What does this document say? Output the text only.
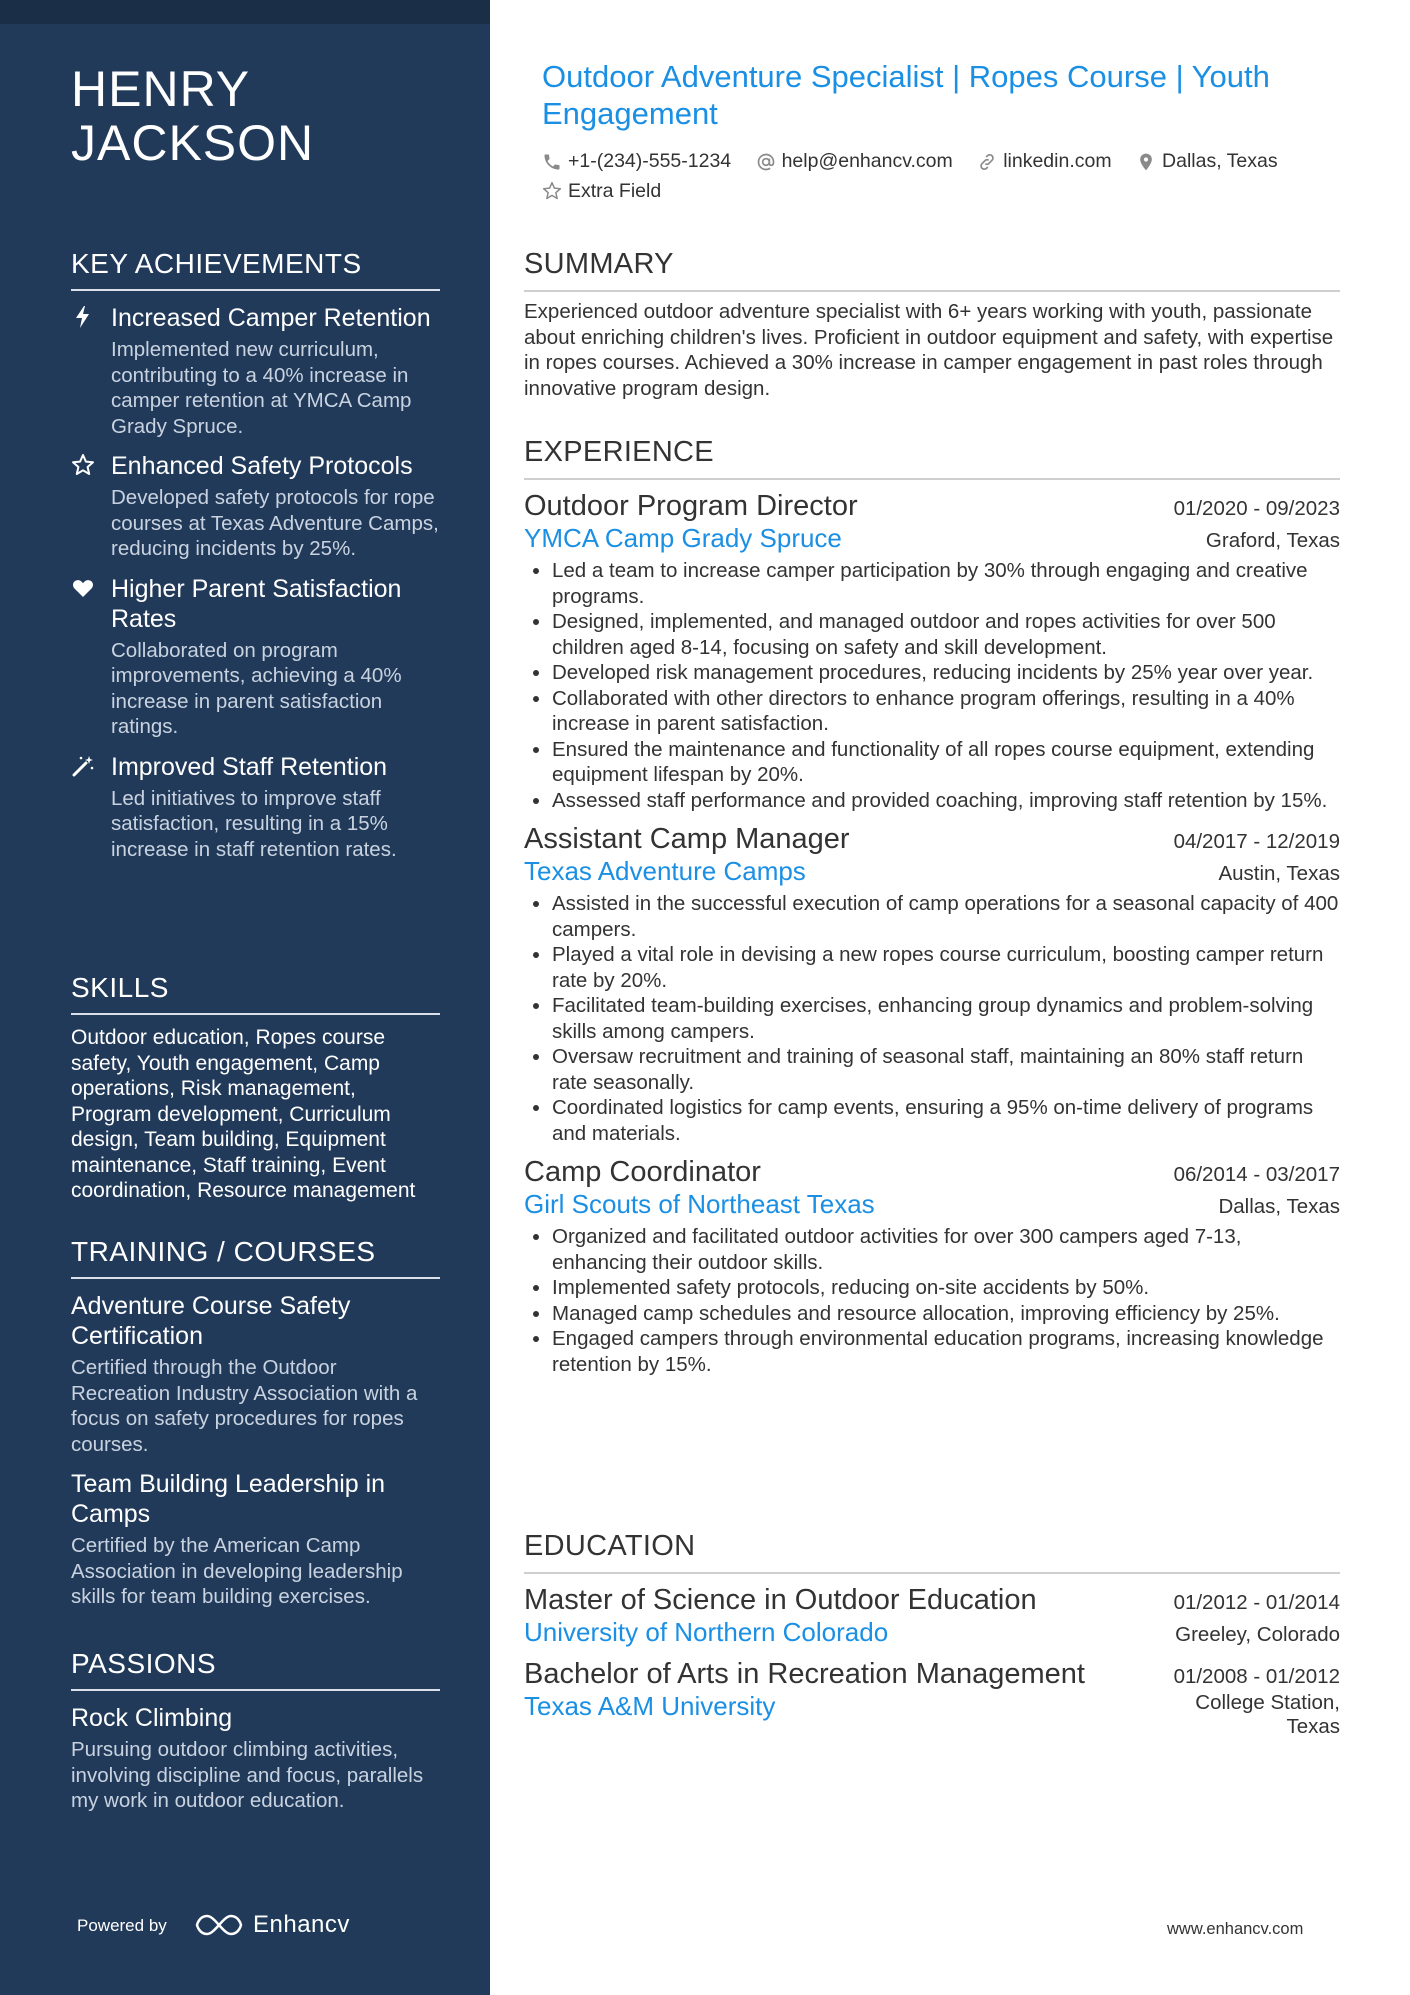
HENRY JACKSON
KEY ACHIEVEMENTS
Increased Camper Retention
Implemented new curriculum, contributing to a 40% increase in camper retention at YMCA Camp Grady Spruce.
Enhanced Safety Protocols
Developed safety protocols for rope courses at Texas Adventure Camps, reducing incidents by 25%.
Higher Parent Satisfaction Rates
Collaborated on program improvements, achieving a 40% increase in parent satisfaction ratings.
Improved Staff Retention
Led initiatives to improve staff satisfaction, resulting in a 15% increase in staff retention rates.
SKILLS
Outdoor education, Ropes course safety, Youth engagement, Camp operations, Risk management, Program development, Curriculum design, Team building, Equipment maintenance, Staff training, Event coordination, Resource management
TRAINING / COURSES
Adventure Course Safety Certification
Certified through the Outdoor Recreation Industry Association with a focus on safety procedures for ropes courses.
Team Building Leadership in Camps
Certified by the American Camp Association in developing leadership skills for team building exercises.
PASSIONS
Rock Climbing
Pursuing outdoor climbing activities, involving discipline and focus, parallels my work in outdoor education.
Powered by	Enhancv
Outdoor Adventure Specialist | Ropes Course | Youth Engagement
+1-(234)-555-1234
	help@enhancv.com
	linkedin.com
	Dallas, Texas

Extra Field
SUMMARY
Experienced outdoor adventure specialist with 6+ years working with youth, passionate about enriching children's lives. Proficient in outdoor equipment and safety, with expertise in ropes courses. Achieved a 30% increase in camper engagement in past roles through innovative program design.
EXPERIENCE
Outdoor Program Director	01/2020 - 09/2023
YMCA Camp Grady Spruce	Graford, Texas
• Led a team to increase camper participation by 30% through engaging and creative programs.
• Designed, implemented, and managed outdoor and ropes activities for over 500 children aged 8-14, focusing on safety and skill development.
• Developed risk management procedures, reducing incidents by 25% year over year.
• Collaborated with other directors to enhance program offerings, resulting in a 40% increase in parent satisfaction.
• Ensured the maintenance and functionality of all ropes course equipment, extending equipment lifespan by 20%.
• Assessed staff performance and provided coaching, improving staff retention by 15%.
Assistant Camp Manager	04/2017 - 12/2019
Texas Adventure Camps	Austin, Texas
• Assisted in the successful execution of camp operations for a seasonal capacity of 400 campers.
• Played a vital role in devising a new ropes course curriculum, boosting camper return rate by 20%.
• Facilitated team-building exercises, enhancing group dynamics and problem-solving skills among campers.
• Oversaw recruitment and training of seasonal staff, maintaining an 80% staff return rate seasonally.
• Coordinated logistics for camp events, ensuring a 95% on-time delivery of programs and materials.
Camp Coordinator	06/2014 - 03/2017
Girl Scouts of Northeast Texas	Dallas, Texas
• Organized and facilitated outdoor activities for over 300 campers aged 7-13, enhancing their outdoor skills.
• Implemented safety protocols, reducing on-site accidents by 50%.
• Managed camp schedules and resource allocation, improving efficiency by 25%.
• Engaged campers through environmental education programs, increasing knowledge retention by 15%.
EDUCATION
Master of Science in Outdoor Education	01/2012 - 01/2014
University of Northern Colorado	Greeley, Colorado
Bachelor of Arts in Recreation Management	01/2008 - 01/2012
Texas A&M University	College Station, Texas
www.enhancv.com
